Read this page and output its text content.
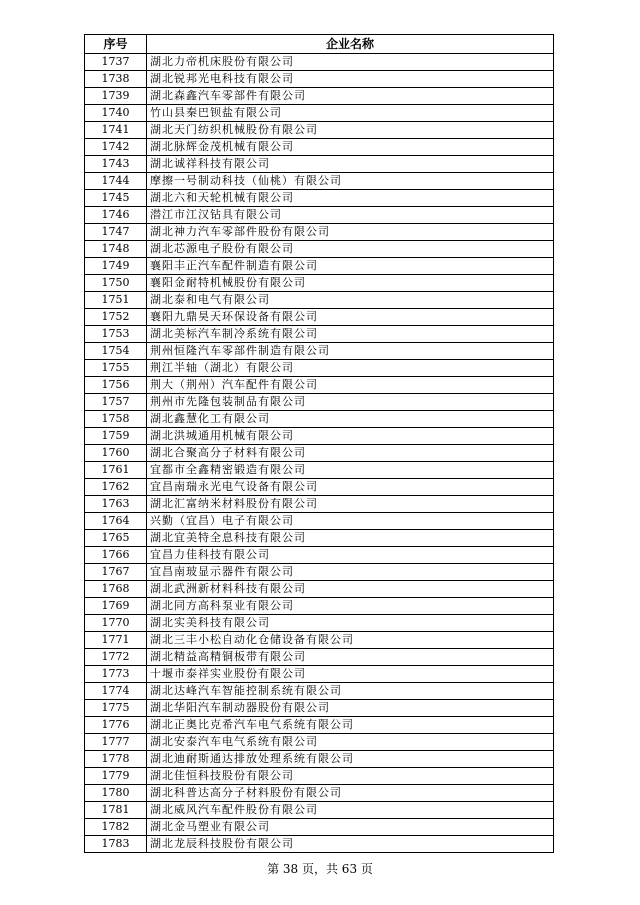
序号	企业名称
1737	湖北力帝机床股份有限公司
1738	湖北锐邦光电科技有限公司
1739	湖北森鑫汽车零部件有限公司
1740	竹山县秦巴钡盐有限公司
1741	湖北天门纺织机械股份有限公司
1742	湖北脉辉金茂机械有限公司
1743	湖北诚祥科技有限公司
1744	摩擦一号制动科技（仙桃）有限公司
1745	湖北六和天轮机械有限公司
1746	潜江市江汉钻具有限公司
1747	湖北神力汽车零部件股份有限公司
1748	湖北芯源电子股份有限公司
1749	襄阳丰正汽车配件制造有限公司
1750	襄阳金耐特机械股份有限公司
1751	湖北泰和电气有限公司
1752	襄阳九鼎昊天环保设备有限公司
1753	湖北美标汽车制冷系统有限公司
1754	荆州恒隆汽车零部件制造有限公司
1755	荆江半轴（湖北）有限公司
1756	荆大（荆州）汽车配件有限公司
1757	荆州市先隆包装制品有限公司
1758	湖北鑫慧化工有限公司
1759	湖北洪城通用机械有限公司
1760	湖北合聚高分子材料有限公司
1761	宜都市全鑫精密锻造有限公司
1762	宜昌南瑞永光电气设备有限公司
1763	湖北汇富纳米材料股份有限公司
1764	兴勤（宜昌）电子有限公司
1765	湖北宜美特全息科技有限公司
1766	宜昌力佳科技有限公司
1767	宜昌南玻显示器件有限公司
1768	湖北武洲新材料科技有限公司
1769	湖北同方高科泵业有限公司
1770	湖北实美科技有限公司
1771	湖北三丰小松自动化仓储设备有限公司
1772	湖北精益高精铜板带有限公司
1773	十堰市泰祥实业股份有限公司
1774	湖北达峰汽车智能控制系统有限公司
1775	湖北华阳汽车制动器股份有限公司
1776	湖北正奥比克希汽车电气系统有限公司
1777	湖北安泰汽车电气系统有限公司
1778	湖北迪耐斯通达排放处理系统有限公司
1779	湖北佳恒科技股份有限公司
1780	湖北科普达高分子材料股份有限公司
1781	湖北威风汽车配件股份有限公司
1782	湖北金马塑业有限公司
1783	湖北龙辰科技股份有限公司
第 38 页，共 63 页
